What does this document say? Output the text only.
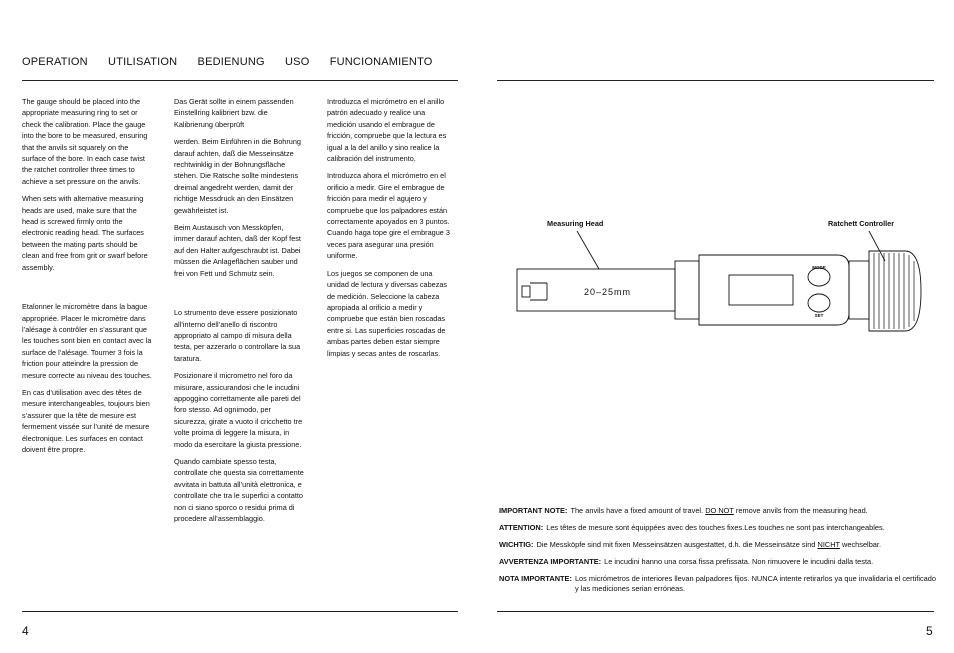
OPERATION UTILISATION BEDIENUNG USO FUNCIONAMIENTO

The gauge should be placed into the appropriate measuring ring to set or check the calibration. Place the gauge into the bore to be measured, ensuring that the anvils sit squarely on the surface of the bore. In each case twist the ratchet controller three times to achieve a set pressure on the anvils.

When sets with alternative measuring heads are used, make sure that the head is screwed firmly onto the electronic reading head. The surfaces between the mating parts should be clean and free from grit or swarf before assembly.

Etalonner le micromètre dans la bague appropriée. Placer le micromètre dans l’alésage à contrôler en s’assurant que les touches sont bien en contact avec la surface de l’alésage. Tourner 3 fois la friction pour atteindre la pression de mesure correcte au niveau des touches.

En cas d’utilisation avec des têtes de mesure interchangeables, toujours bien s’assurer que la tête de mesure est fermement vissée sur l’unité de mesure électronique. Les surfaces en contact doivent être propre.

Das Gerät sollte in einem passenden Einstellring kalibriert bzw. die Kalibrierung überprüft

werden. Beim Einführen in die Bohrung darauf achten, daß die Messeinsätze rechtwinklig in der Bohrungsfläche stehen. Die Ratsche sollte mindestens dreimal angedreht werden, damit der richtige Messdruck an den Einsätzen gewährleistet ist.

Beim Austausch von Messköpfen, immer darauf achten, daß der Kopf fest auf den Halter aufgeschraubt ist. Dabei müssen die Anlageflächen sauber und frei von Fett und Schmutz sein.

Lo strumento deve essere posizionato all’interno dell’anello di riscontro appropriato al campo di misura della testa, per azzerarlo o controllare la sua taratura.

Posizionare il micrometro nel foro da misurare, assicurandosi che le incudini appoggino correttamente alle pareti del foro stesso. Ad ognimodo, per sicurezza, girate a vuoto il cricchetto tre volte proima di leggere la misura, in modo da esercitare la giusta pressione.

Quando cambiate spesso testa, controllate che questa sia correttamente avvitata in battuta all’unità elettronica, e controllate che tra le superfici a contatto non ci siano sporco o residui prima di procedere all’assemblaggio.

Introduzca el micrómetro en el anillo patrón adecuado y realice una medición usando el embrague de fricción, compruebe que la lectura es igual a la del anillo y sino realice la calibración del instrumento.

Introduzca ahora el micrómetro en el orificio a medir. Gire el embrague de fricción para medir el agujero y compruebe que los palpadores están correctamente apoyados en 3 puntos. Cuando haga tope gire el embrague 3 veces para asegurar una presión uniforme.

Los juegos se componen de una unidad de lectura y diversas cabezas de medición. Seleccione la cabeza apropiada al orificio a medir y compruebe que están bien roscadas entre si. Las superficies roscadas de ambas partes deben estar siempre limpias y secas antes de roscarlas.

Measuring Head	Ratchett Controller
20–25mm
MODE
SET
IMPORTANT NOTE: The anvils have a fixed amount of travel. DO NOT remove anvils from the measuring head.
ATTENTION: Les têtes de mesure sont équippées avec des touches fixes.Les touches ne sont pas interchangeables.
WICHTIG: Die Messköpfe sind mit fixen Messeinsätzen ausgestattet, d.h. die Messeinsätze sind NICHT wechselbar.
AVVERTENZA IMPORTANTE: Le incudini hanno una corsa fissa prefissata. Non rimuovere le incudini dalla testa.
NOTA IMPORTANTE: Los micrómetros de interiores llevan palpadores fijos. NUNCA intente retirarlos ya que invalidaría el certificado y las mediciones serian erróneas.
4	5
